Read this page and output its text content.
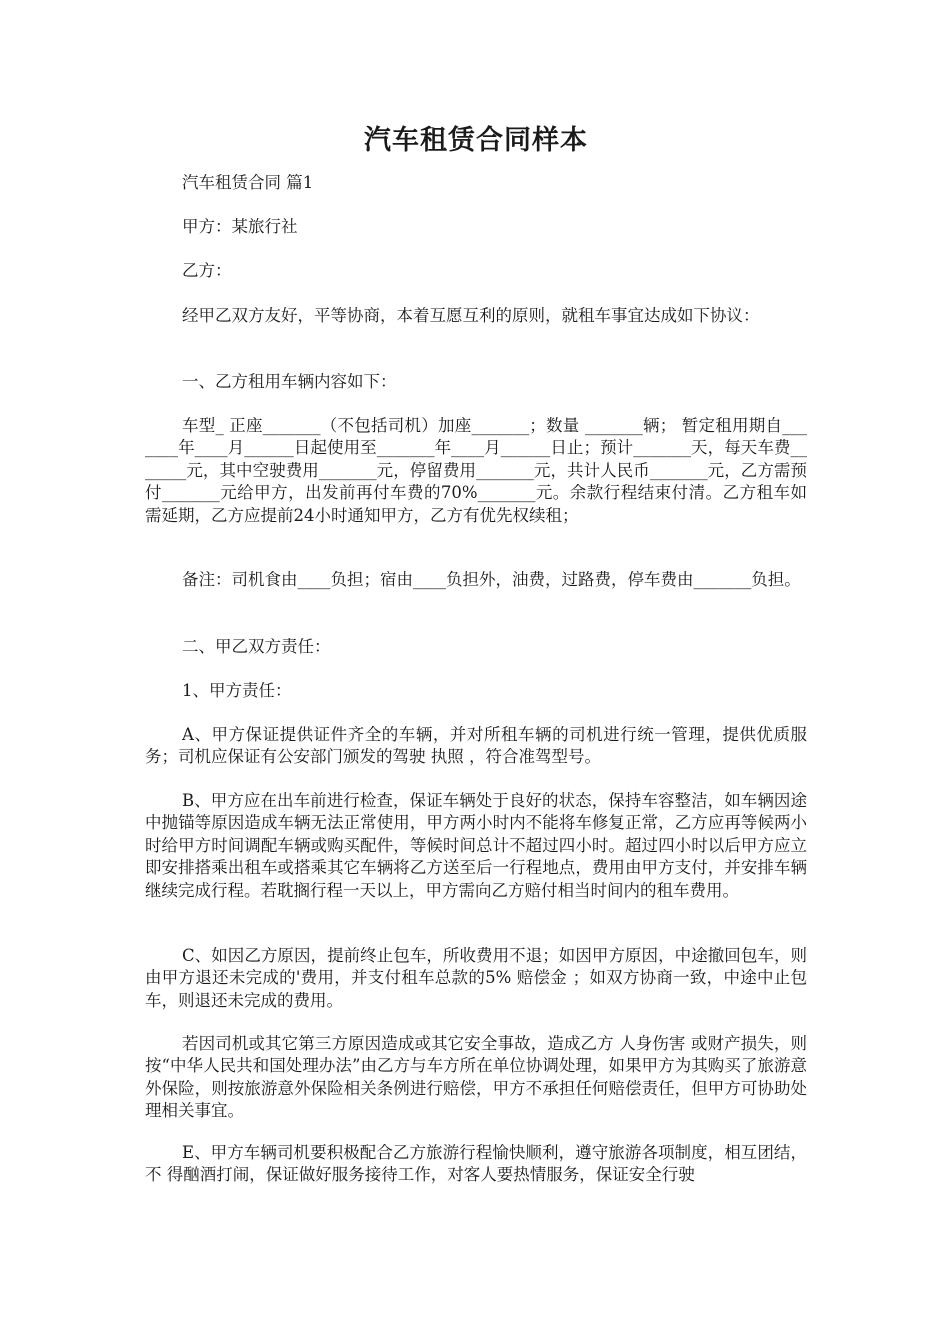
汽车租赁合同样本

汽车租赁合同 篇1

甲方：某旅行社

乙方：

经甲乙双方友好，平等协商，本着互愿互利的原则，就租车事宜达成如下协议：

一、乙方租用车辆内容如下：

车型_ 正座_______（不包括司机）加座_______；数量 _______辆； 暂定租用期自_______年____月______日起使用至_______年____月______日止；预计_______天，每天车费_______元，其中空驶费用_______元，停留费用_______元，共计人民币_______元，乙方需预付_______元给甲方，出发前再付车费的70%_______元。余款行程结束付清。乙方租车如需延期，乙方应提前24小时通知甲方，乙方有优先权续租；

备注：司机食由____负担；宿由____负担外，油费，过路费，停车费由_______负担。

二、甲乙双方责任：

1、甲方责任：

A、甲方保证提供证件齐全的车辆，并对所租车辆的司机进行统一管理，提供优质服务；司机应保证有公安部门颁发的驾驶 执照 ，符合准驾型号。

B、甲方应在出车前进行检查，保证车辆处于良好的状态，保持车容整洁，如车辆因途中抛锚等原因造成车辆无法正常使用，甲方两小时内不能将车修复正常，乙方应再等候两小时给甲方时间调配车辆或购买配件，等候时间总计不超过四小时。超过四小时以后甲方应立即安排搭乘出租车或搭乘其它车辆将乙方送至后一行程地点，费用由甲方支付，并安排车辆继续完成行程。若耽搁行程一天以上，甲方需向乙方赔付相当时间内的租车费用。

C、如因乙方原因，提前终止包车，所收费用不退；如因甲方原因，中途撤回包车，则由甲方退还未完成的'费用，并支付租车总款的5% 赔偿金 ；如双方协商一致，中途中止包车，则退还未完成的费用。

若因司机或其它第三方原因造成或其它安全事故，造成乙方 人身伤害 或财产损失，则按“中华人民共和国处理办法”由乙方与车方所在单位协调处理，如果甲方为其购买了旅游意外保险，则按旅游意外保险相关条例进行赔偿，甲方不承担任何赔偿责任，但甲方可协助处理相关事宜。

E、甲方车辆司机要积极配合乙方旅游行程愉快顺利，遵守旅游各项制度，相互团结，不 得酗酒打闹，保证做好服务接待工作，对客人要热情服务，保证安全行驶
